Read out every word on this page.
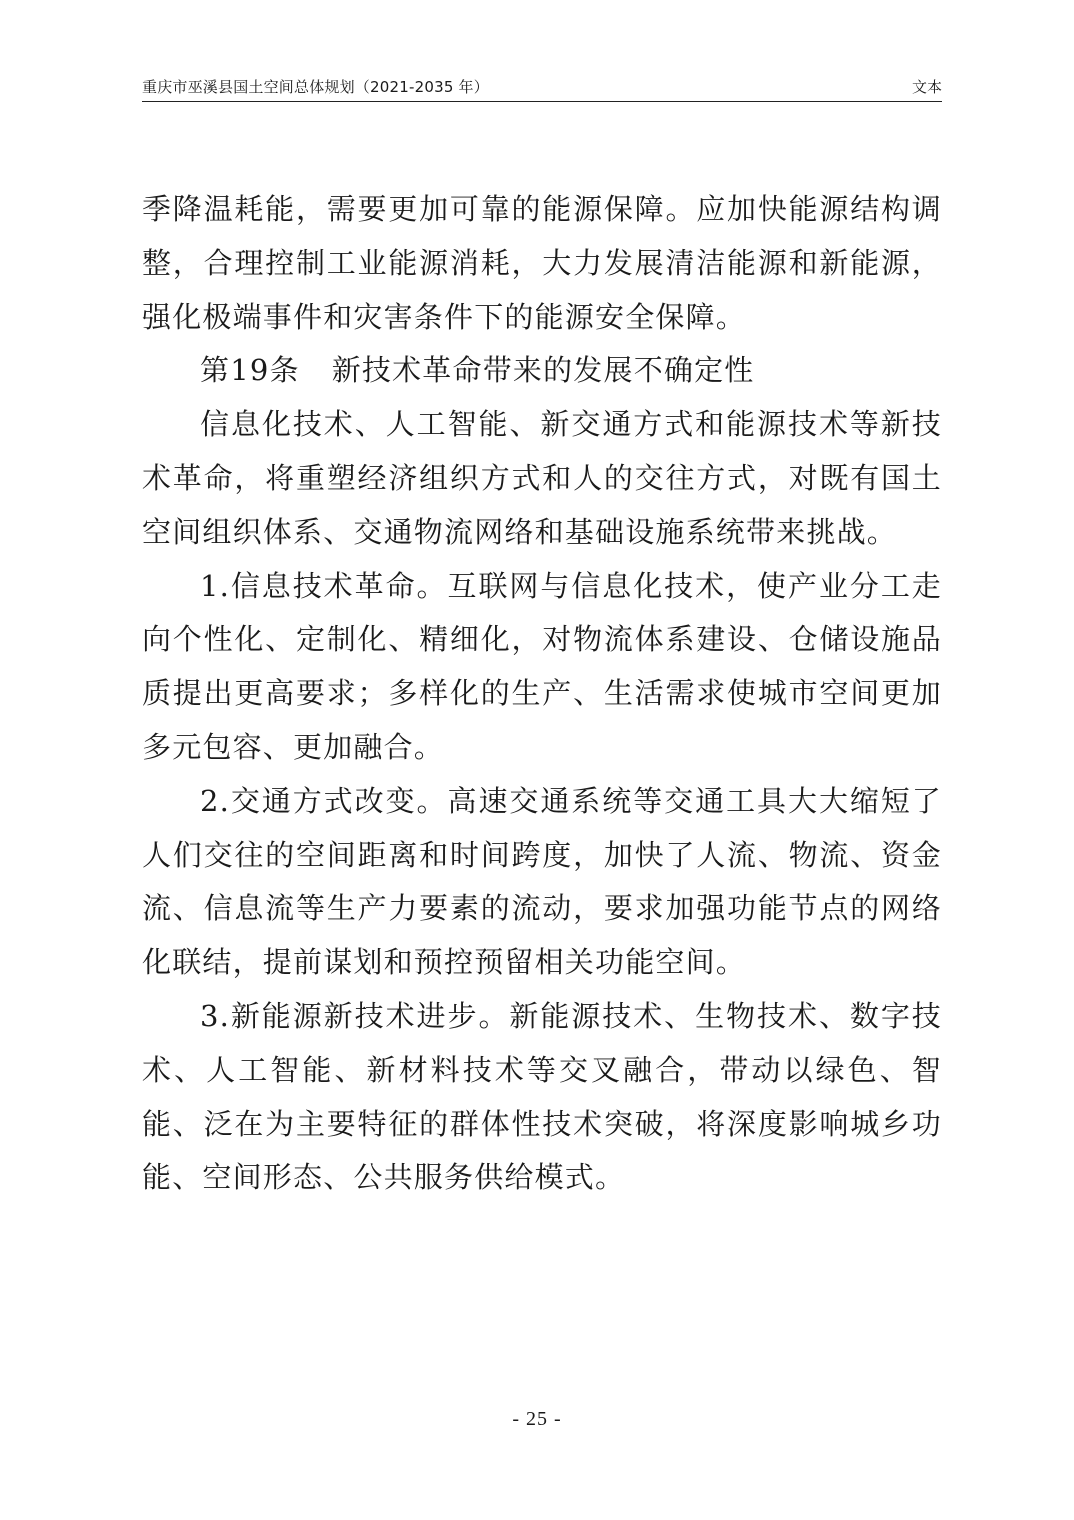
重庆市巫溪县国土空间总体规划（2021-2035 年）	文本

季降温耗能，需要更加可靠的能源保障。应加快能源结构调整，合理控制工业能源消耗，大力发展清洁能源和新能源，强化极端事件和灾害条件下的能源安全保障。

第19条 新技术革命带来的发展不确定性

信息化技术、人工智能、新交通方式和能源技术等新技术革命，将重塑经济组织方式和人的交往方式，对既有国土空间组织体系、交通物流网络和基础设施系统带来挑战。

1.信息技术革命。互联网与信息化技术，使产业分工走向个性化、定制化、精细化，对物流体系建设、仓储设施品质提出更高要求；多样化的生产、生活需求使城市空间更加多元包容、更加融合。

2.交通方式改变。高速交通系统等交通工具大大缩短了人们交往的空间距离和时间跨度，加快了人流、物流、资金流、信息流等生产力要素的流动，要求加强功能节点的网络化联结，提前谋划和预控预留相关功能空间。

3.新能源新技术进步。新能源技术、生物技术、数字技术、人工智能、新材料技术等交叉融合，带动以绿色、智能、泛在为主要特征的群体性技术突破，将深度影响城乡功能、空间形态、公共服务供给模式。

- 25 -
